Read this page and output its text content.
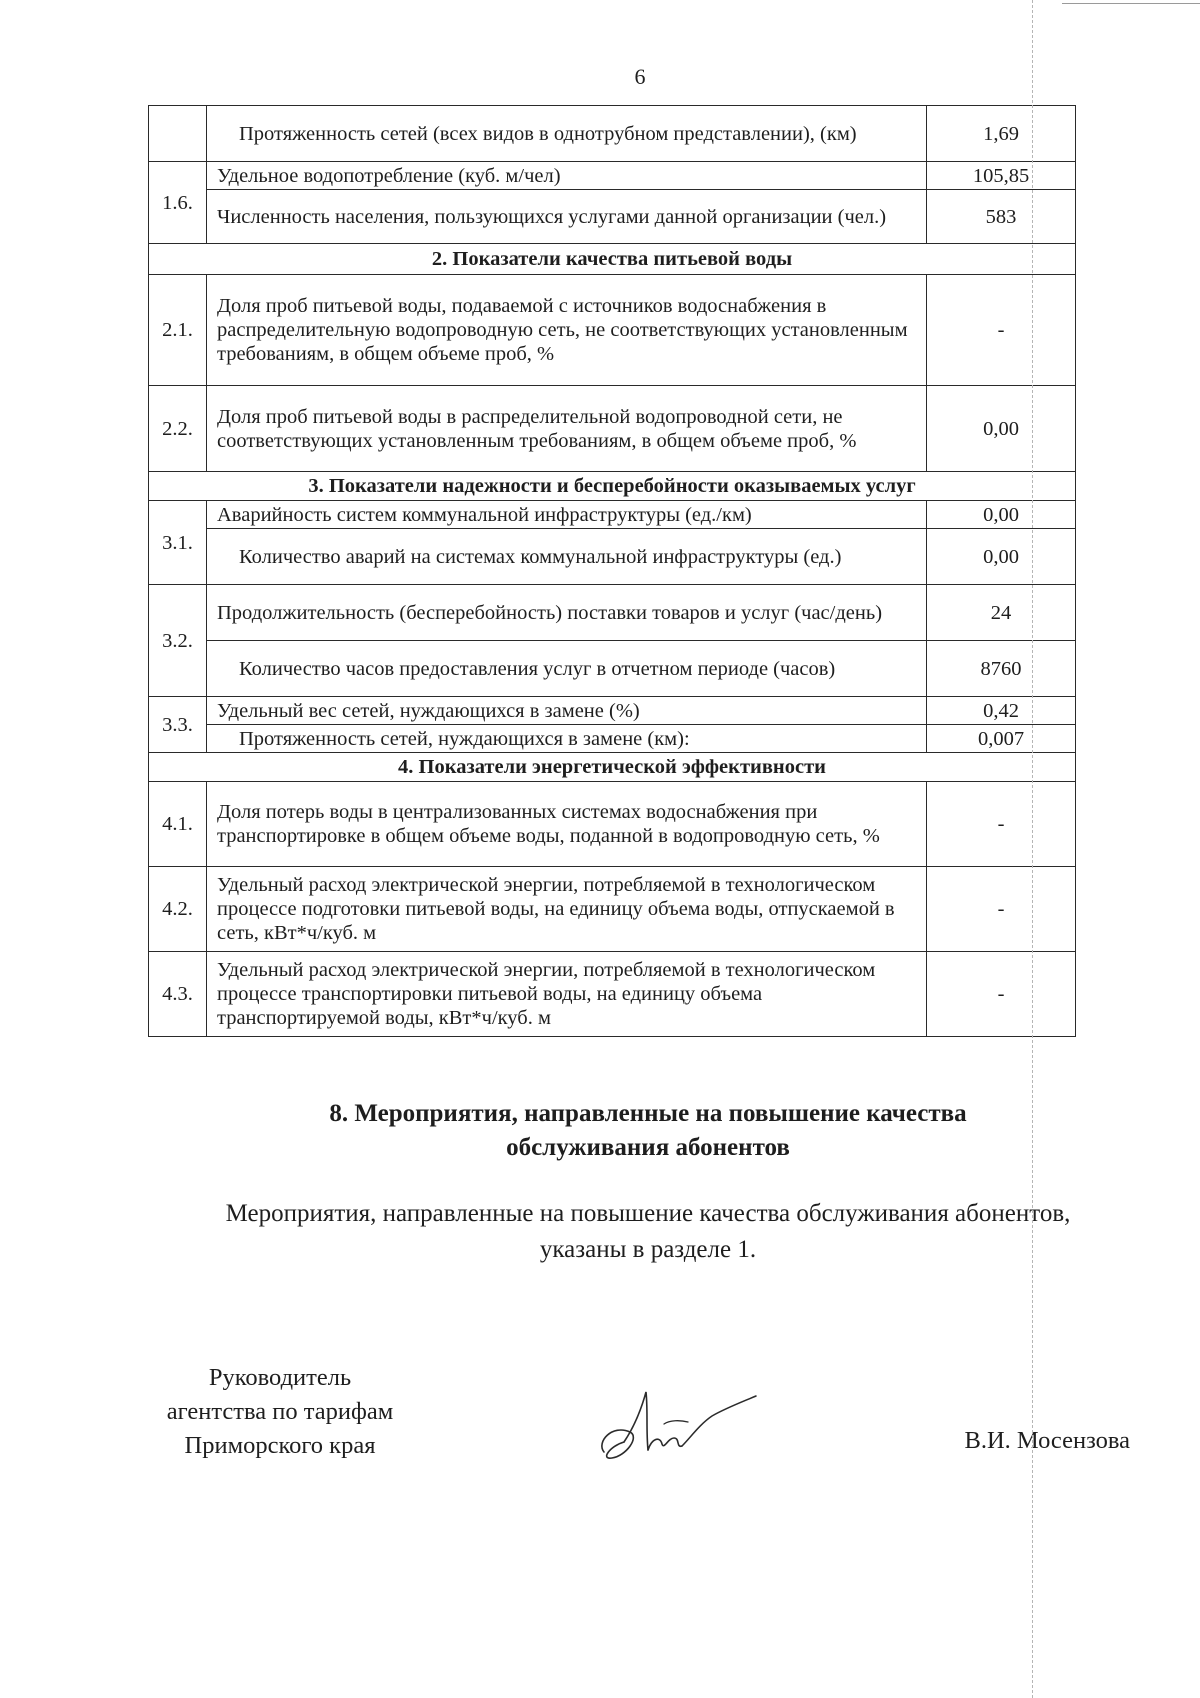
6
	Протяженность сетей (всех видов в однотрубном представлении), (км)	1,69
1.6.	Удельное водопотребление (куб. м/чел)	105,85
	Численность населения, пользующихся услугами данной организации (чел.)	583
2. Показатели качества питьевой воды		
2.1.	Доля проб питьевой воды, подаваемой с источников водоснабжения в распределительную водопроводную сеть, не соответствующих установленным требованиям, в общем объеме проб, %	-
2.2.	Доля проб питьевой воды в распределительной водопроводной сети, не соответствующих установленным требованиям, в общем объеме проб, %	0,00
3. Показатели надежности и бесперебойности оказываемых услуг		
3.1.	Аварийность систем коммунальной инфраструктуры (ед./км)	0,00
	Количество аварий на системах коммунальной инфраструктуры (ед.)	0,00
3.2.	Продолжительность (бесперебойность) поставки товаров и услуг (час/день)	24
	Количество часов предоставления услуг в отчетном периоде (часов)	8760
3.3.	Удельный вес сетей, нуждающихся в замене (%)	0,42
	Протяженность сетей, нуждающихся в замене (км):	0,007
4. Показатели энергетической эффективности		
4.1.	Доля потерь воды в централизованных системах водоснабжения при транспортировке в общем объеме воды, поданной в водопроводную сеть, %	-
4.2.	Удельный расход электрической энергии, потребляемой в технологическом процессе подготовки питьевой воды, на единицу объема воды, отпускаемой в сеть, кВт*ч/куб. м	-
4.3.	Удельный расход электрической энергии, потребляемой в технологическом процессе транспортировки питьевой воды, на единицу объема транспортируемой воды, кВт*ч/куб. м	-
8. Мероприятия, направленные на повышение качества
обслуживания абонентов
Мероприятия, направленные на повышение качества обслуживания абонентов,
указаны в разделе 1.
Руководитель
агентства по тарифам
Приморского края	В.И. Мосензова
